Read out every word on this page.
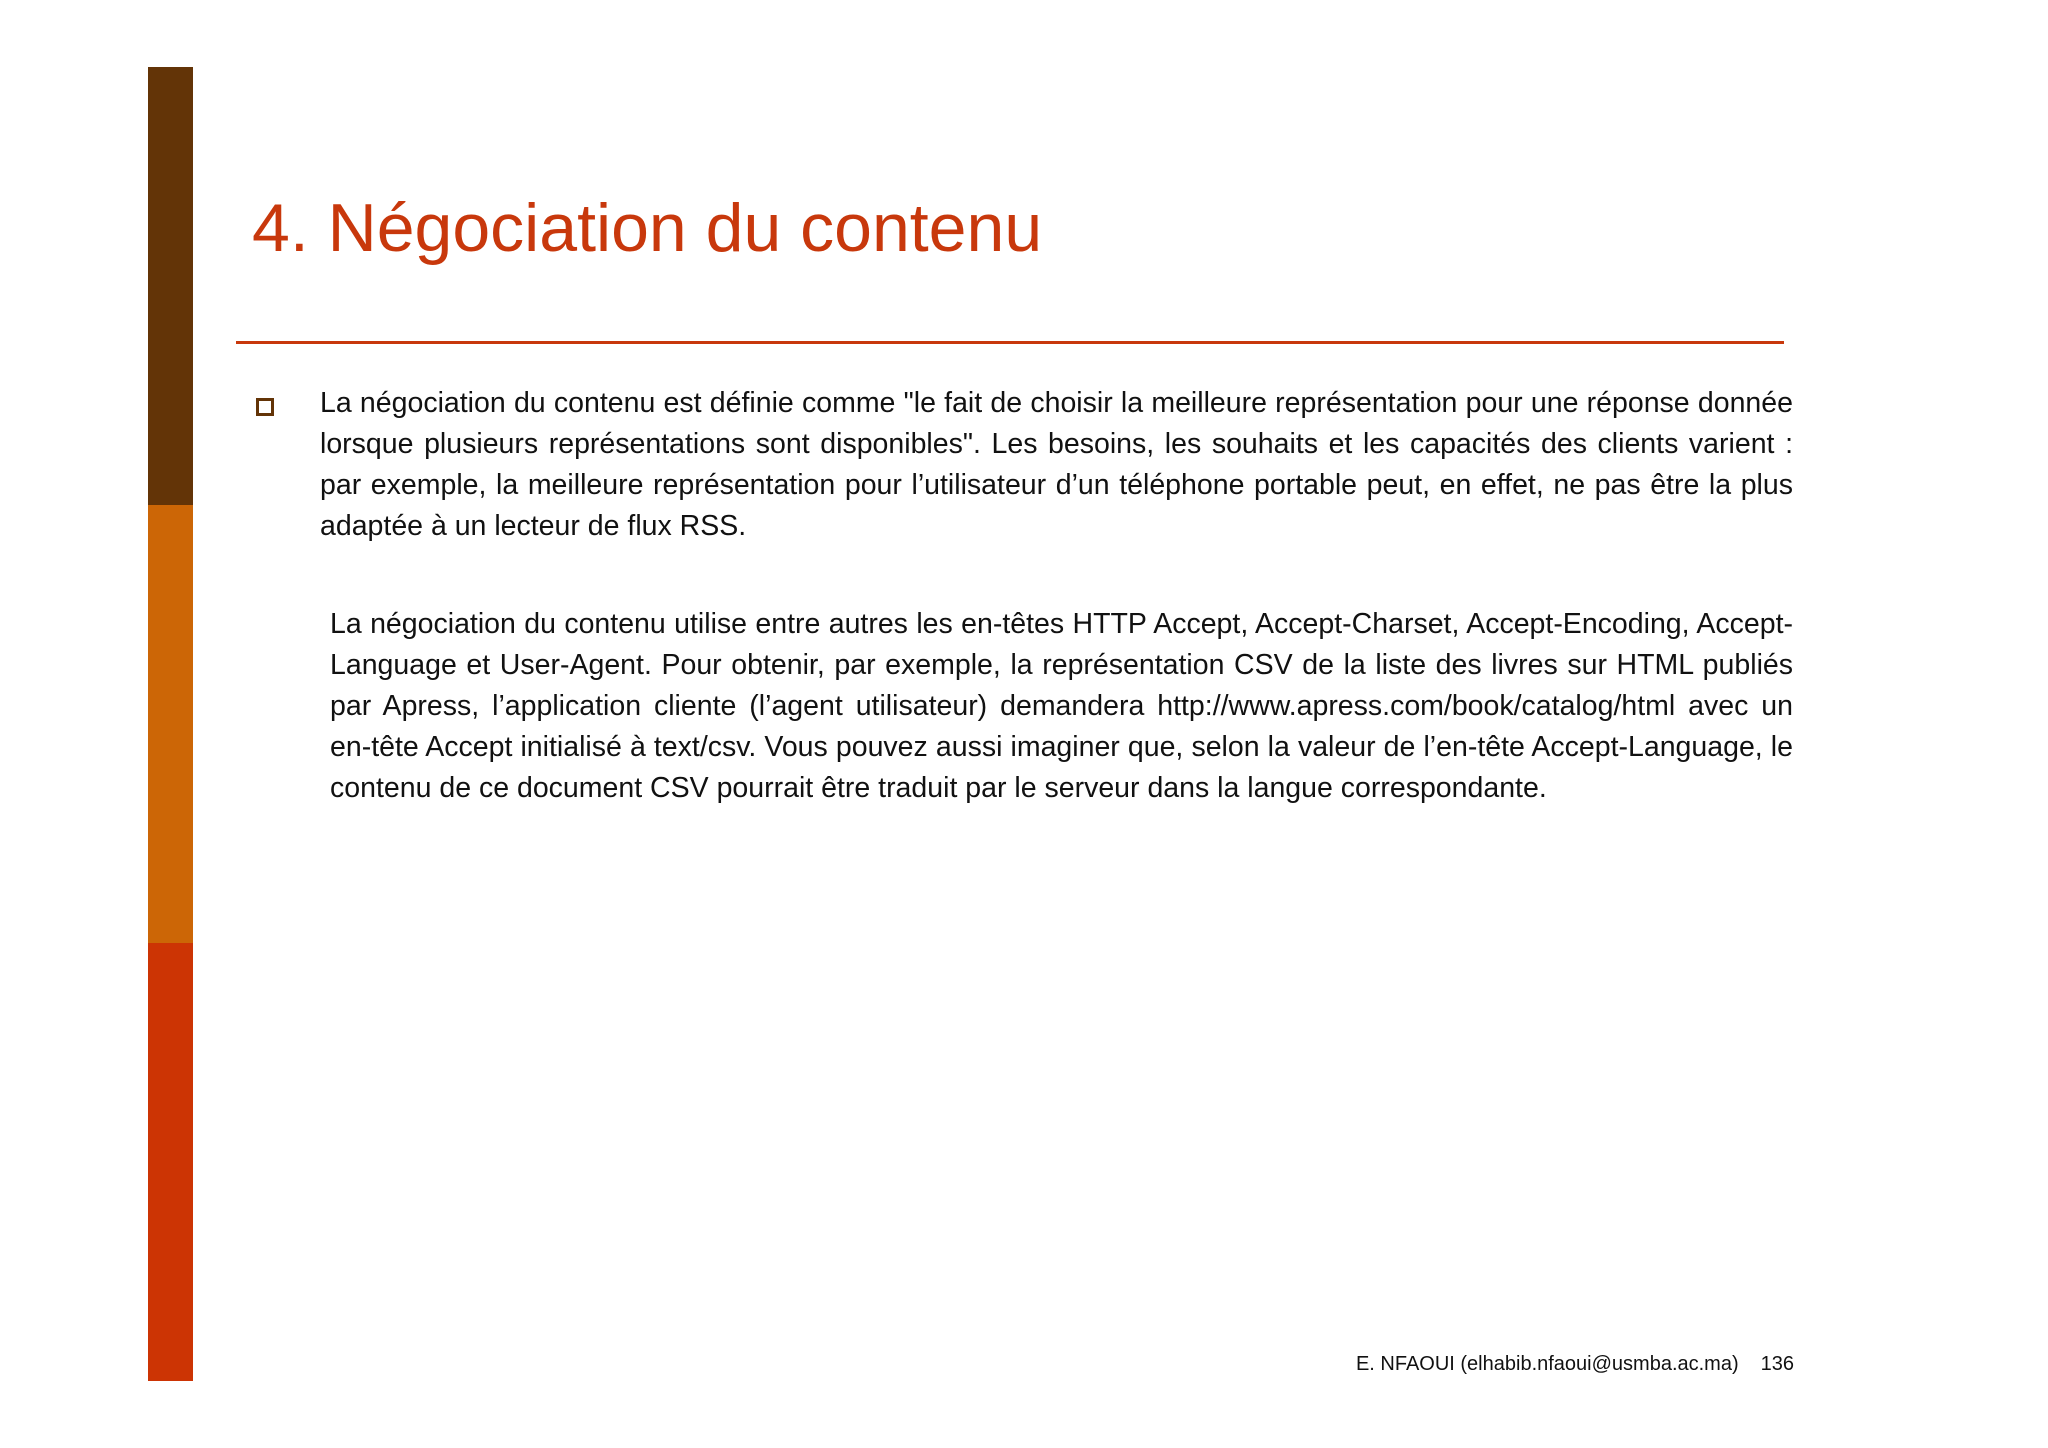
4. Négociation du contenu

La négociation du contenu est définie comme "le fait de choisir la meilleure représentation pour une réponse donnée lorsque plusieurs représentations sont disponibles". Les besoins, les souhaits et les capacités des clients varient : par exemple, la meilleure représentation pour l’utilisateur d’un téléphone portable peut, en effet, ne pas être la plus adaptée à un lecteur de flux RSS.

La négociation du contenu utilise entre autres les en-têtes HTTP Accept, Accept-Charset, Accept-Encoding, Accept-Language et User-Agent. Pour obtenir, par exemple, la représentation CSV de la liste des livres sur HTML publiés par Apress, l’application cliente (l’agent utilisateur) demandera http://www.apress.com/book/catalog/html avec un en-tête Accept initialisé à text/csv. Vous pouvez aussi imaginer que, selon la valeur de l’en-tête Accept-Language, le contenu de ce document CSV pourrait être traduit par le serveur dans la langue correspondante.

E. NFAOUI (elhabib.nfaoui@usmba.ac.ma) 136
